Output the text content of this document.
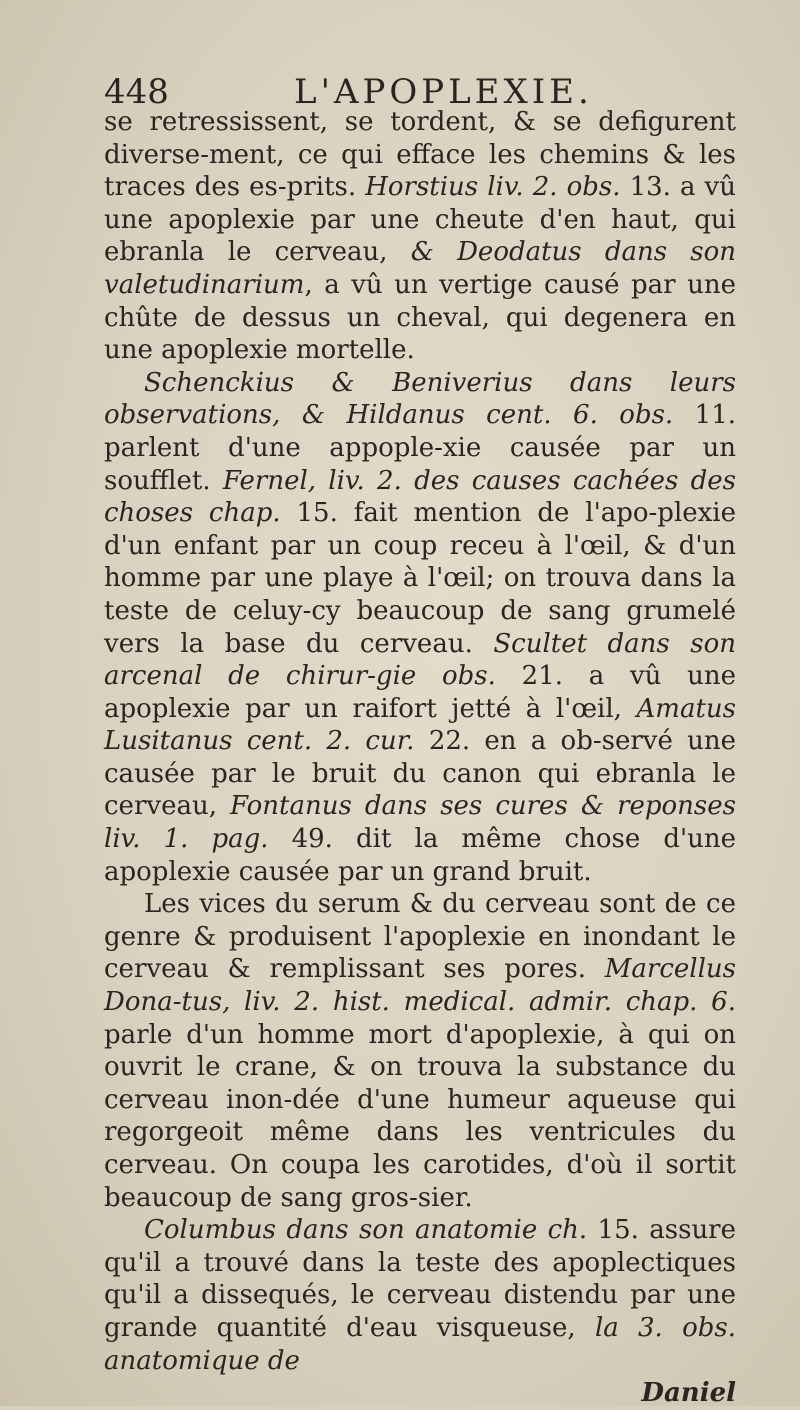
448	L'APOPLEXIE.

se retressissent, se tordent, & se defigurent diverse-ment, ce qui efface les chemins & les traces des es-prits. Horstius liv. 2. obs. 13. a vû une apoplexie par une cheute d'en haut, qui ebranla le cerveau, & Deodatus dans son valetudinarium, a vû un vertige causé par une chûte de dessus un cheval, qui degenera en une apoplexie mortelle.

Schenckius & Beniverius dans leurs observations, & Hildanus cent. 6. obs. 11. parlent d'une appople-xie causée par un soufflet. Fernel, liv. 2. des causes cachées des choses chap. 15. fait mention de l'apo-plexie d'un enfant par un coup receu à l'œil, & d'un homme par une playe à l'œil; on trouva dans la teste de celuy-cy beaucoup de sang grumelé vers la base du cerveau. Scultet dans son arcenal de chirur-gie obs. 21. a vû une apoplexie par un raifort jetté à l'œil, Amatus Lusitanus cent. 2. cur. 22. en a ob-servé une causée par le bruit du canon qui ebranla le cerveau, Fontanus dans ses cures & reponses liv. 1. pag. 49. dit la même chose d'une apoplexie causée par un grand bruit.

Les vices du serum & du cerveau sont de ce genre & produisent l'apoplexie en inondant le cerveau & remplissant ses pores. Marcellus Dona-tus, liv. 2. hist. medical. admir. chap. 6. parle d'un homme mort d'apoplexie, à qui on ouvrit le crane, & on trouva la substance du cerveau inon-dée d'une humeur aqueuse qui regorgeoit même dans les ventricules du cerveau. On coupa les carotides, d'où il sortit beaucoup de sang gros-sier.

Columbus dans son anatomie ch. 15. assure qu'il a trouvé dans la teste des apoplectiques qu'il a dissequés, le cerveau distendu par une grande quantité d'eau visqueuse, la 3. obs. anatomique de

Daniel
